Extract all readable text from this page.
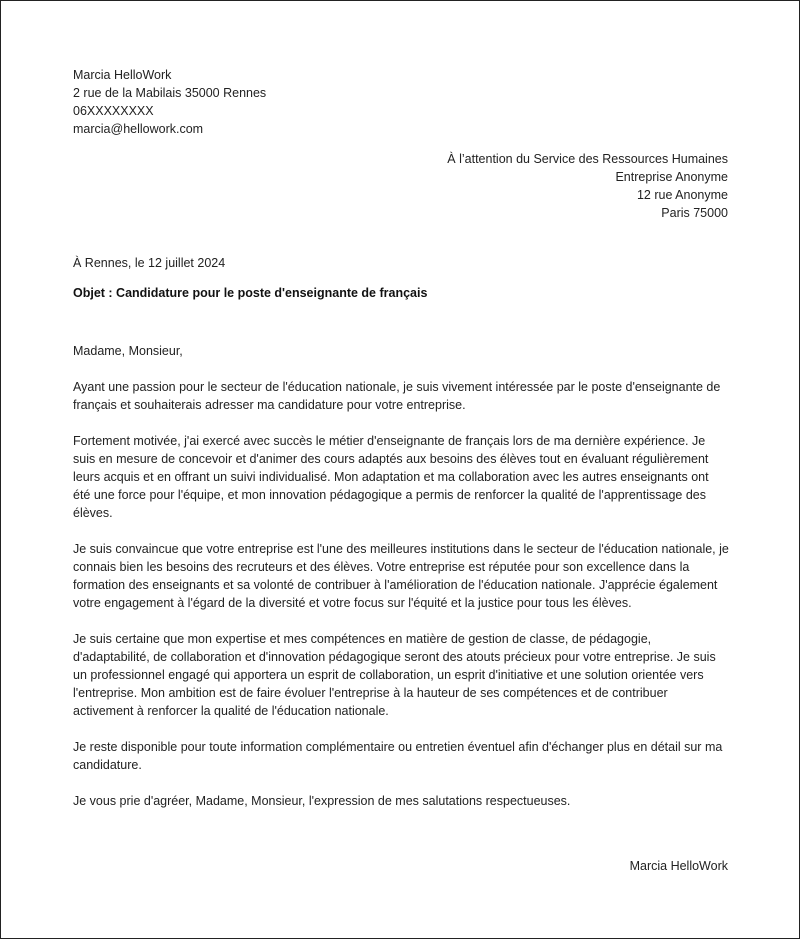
Marcia HelloWork
2 rue de la Mabilais 35000 Rennes
06XXXXXXXX
marcia@hellowork.com
À l’attention du Service des Ressources Humaines
Entreprise Anonyme
12 rue Anonyme
Paris 75000
À Rennes, le 12 juillet 2024
Objet : Candidature pour le poste d'enseignante de français

Madame, Monsieur,

Ayant une passion pour le secteur de l'éducation nationale, je suis vivement intéressée par le poste d'enseignante de français et souhaiterais adresser ma candidature pour votre entreprise.

Fortement motivée, j'ai exercé avec succès le métier d'enseignante de français lors de ma dernière expérience. Je suis en mesure de concevoir et d'animer des cours adaptés aux besoins des élèves tout en évaluant régulièrement leurs acquis et en offrant un suivi individualisé. Mon adaptation et ma collaboration avec les autres enseignants ont été une force pour l'équipe, et mon innovation pédagogique a permis de renforcer la qualité de l'apprentissage des élèves.

Je suis convaincue que votre entreprise est l'une des meilleures institutions dans le secteur de l'éducation nationale, je connais bien les besoins des recruteurs et des élèves. Votre entreprise est réputée pour son excellence dans la formation des enseignants et sa volonté de contribuer à l'amélioration de l'éducation nationale. J'apprécie également votre engagement à l'égard de la diversité et votre focus sur l'équité et la justice pour tous les élèves.

Je suis certaine que mon expertise et mes compétences en matière de gestion de classe, de pédagogie, d'adaptabilité, de collaboration et d'innovation pédagogique seront des atouts précieux pour votre entreprise. Je suis un professionnel engagé qui apportera un esprit de collaboration, un esprit d'initiative et une solution orientée vers l'entreprise. Mon ambition est de faire évoluer l'entreprise à la hauteur de ses compétences et de contribuer activement à renforcer la qualité de l'éducation nationale.

Je reste disponible pour toute information complémentaire ou entretien éventuel afin d'échanger plus en détail sur ma candidature.

Je vous prie d'agréer, Madame, Monsieur, l'expression de mes salutations respectueuses.

Marcia HelloWork
